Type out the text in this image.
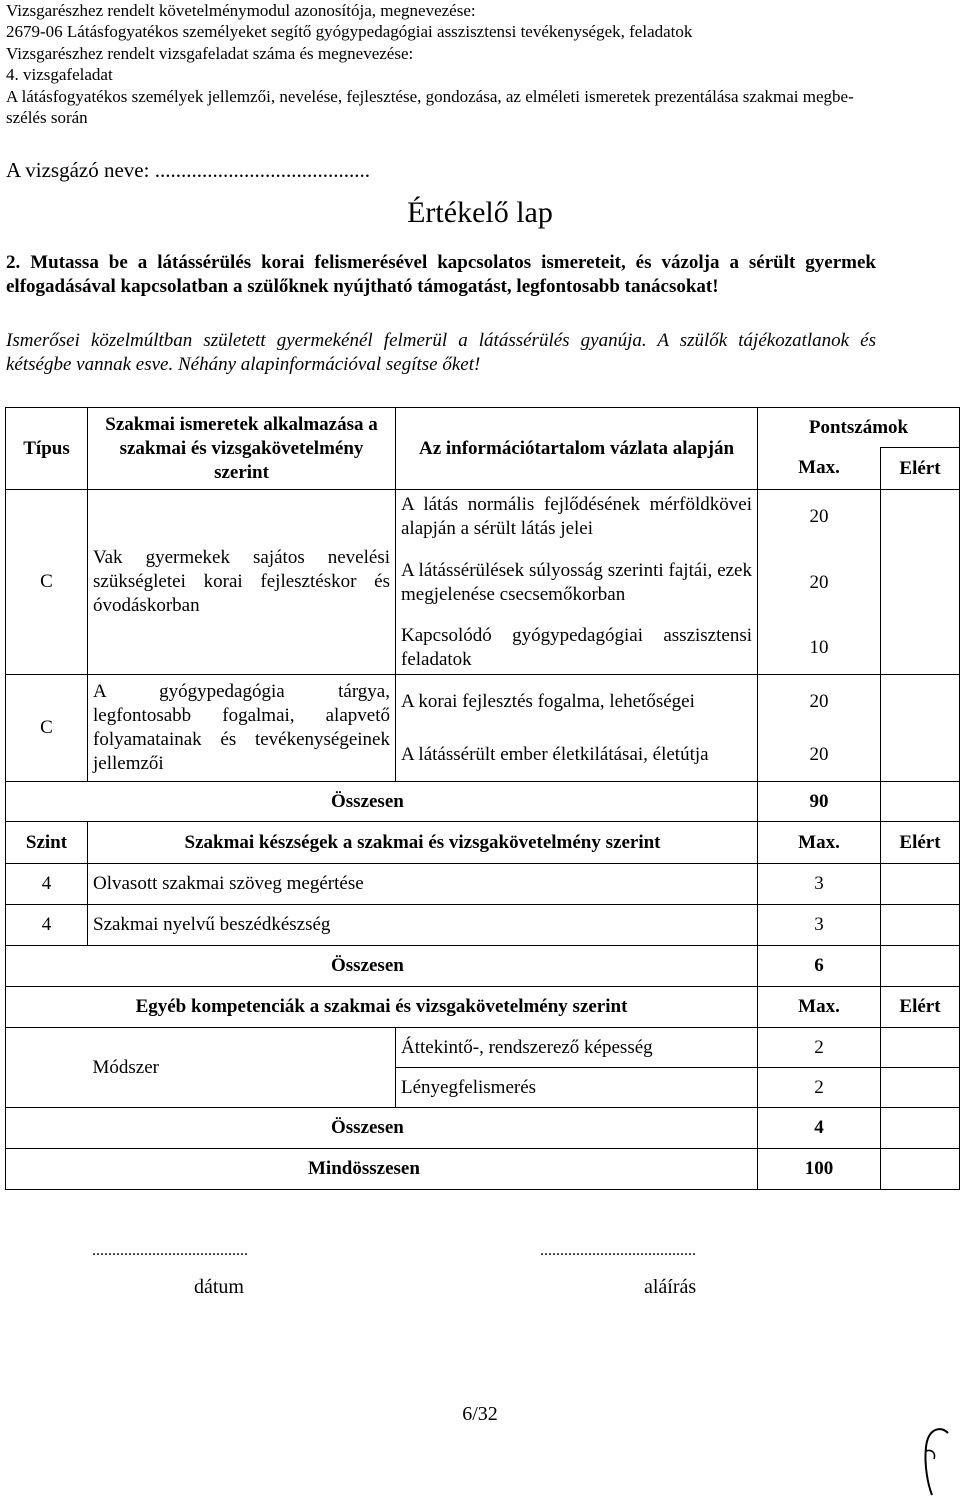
Vizsgarészhez rendelt követelménymodul azonosítója, megnevezése:
2679-06 Látásfogyatékos személyeket segítő gyógypedagógiai asszisztensi tevékenységek, feladatok
Vizsgarészhez rendelt vizsgafeladat száma és megnevezése:
4. vizsgafeladat
A látásfogyatékos személyek jellemzői, nevelése, fejlesztése, gondozása, az elméleti ismeretek prezentálása szakmai megbe-
szélés során
A vizsgázó neve: .........................................
Értékelő lap
2. Mutassa be a látássérülés korai felismerésével kapcsolatos ismereteit, és vázolja a sérült gyermek elfogadásával kapcsolatban a szülőknek nyújtható támogatást, legfontosabb tanácsokat!
Ismerősei közelmúltban született gyermekénél felmerül a látássérülés gyanúja. A szülők tájékozatlanok és kétségbe vannak esve. Néhány alapinformációval segítse őket!
Típus	Szakmai ismeretek alkalmazása a szakmai és vizsgakövetelmény szerint	Az információtartalom vázlata alapján	Pontszámok	
			Max.	Elért
C	Vak gyermekek sajátos nevelési szükségletei korai fejlesztéskor és óvodáskorban	A látás normális fejlődésének mérföldkövei alapján a sérült látás jelei	20	
		A látássérülések súlyosság szerinti fajtái, ezek megjelenése csecsemőkorban	20	
		Kapcsolódó gyógypedagógiai asszisztensi feladatok	10	
C	A gyógypedagógia tárgya, legfontosabb fogalmai, alapvető folyamatainak és tevékenységeinek jellemzői	A korai fejlesztés fogalma, lehetőségei	20	
		A látássérült ember életkilátásai, életútja	20	
Összesen			90	
Szint	Szakmai készségek a szakmai és vizsgakövetelmény szerint		Max.	Elért
4	Olvasott szakmai szöveg megértése		3	
4	Szakmai nyelvű beszédkészség		3	
Összesen			6	
Egyéb kompetenciák a szakmai és vizsgakövetelmény szerint			Max.	Elért
	Módszer	Áttekintő-, rendszerező képesség	2	
		Lényegfelismerés	2	
Összesen			4	
Mindösszesen			100	
.......................................	.......................................
dátum	aláírás
6/32
